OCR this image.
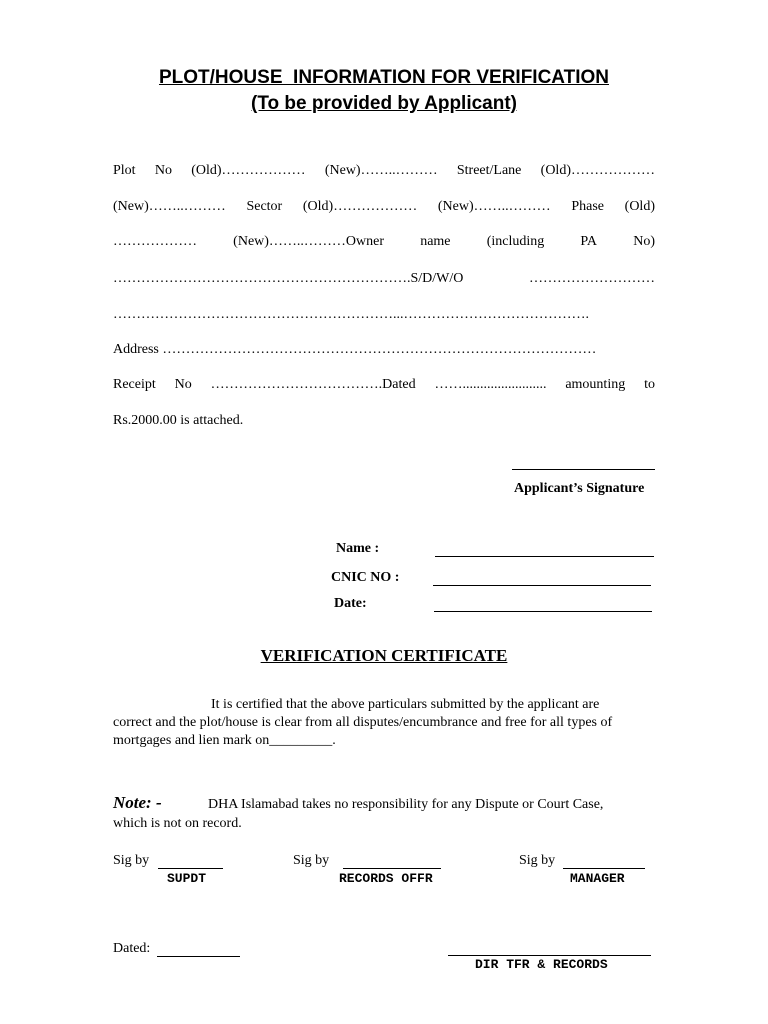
PLOT/HOUSE  INFORMATION FOR VERIFICATION
(To be provided by Applicant)
Plot No (Old)……………… (New)……..……… Street/Lane (Old)………………
(New)……..……… Sector (Old)……………… (New)……..……… Phase (Old)
………………	(New)……..………Owner	name	(including	PA	No)
……………………………………………………….S/D/W/O	………………………
……………………………………………………...………………………………….
Address …………………………………………………………………………………
Receipt No ……………………………….Dated ……........................ amounting to
Rs.2000.00 is attached.
Applicant’s Signature
Name :
CNIC NO :
Date:
VERIFICATION CERTIFICATE
It is certified that the above particulars submitted by the applicant are
correct and the plot/house is clear from all disputes/encumbrance and free for all types of
mortgages and lien mark on_________.
Note: -	DHA Islamabad takes no responsibility for any Dispute or Court Case,
which is not on record.
Sig by
SUPDT
Sig by
RECORDS OFFR
Sig by
MANAGER
Dated:
DIR TFR & RECORDS
